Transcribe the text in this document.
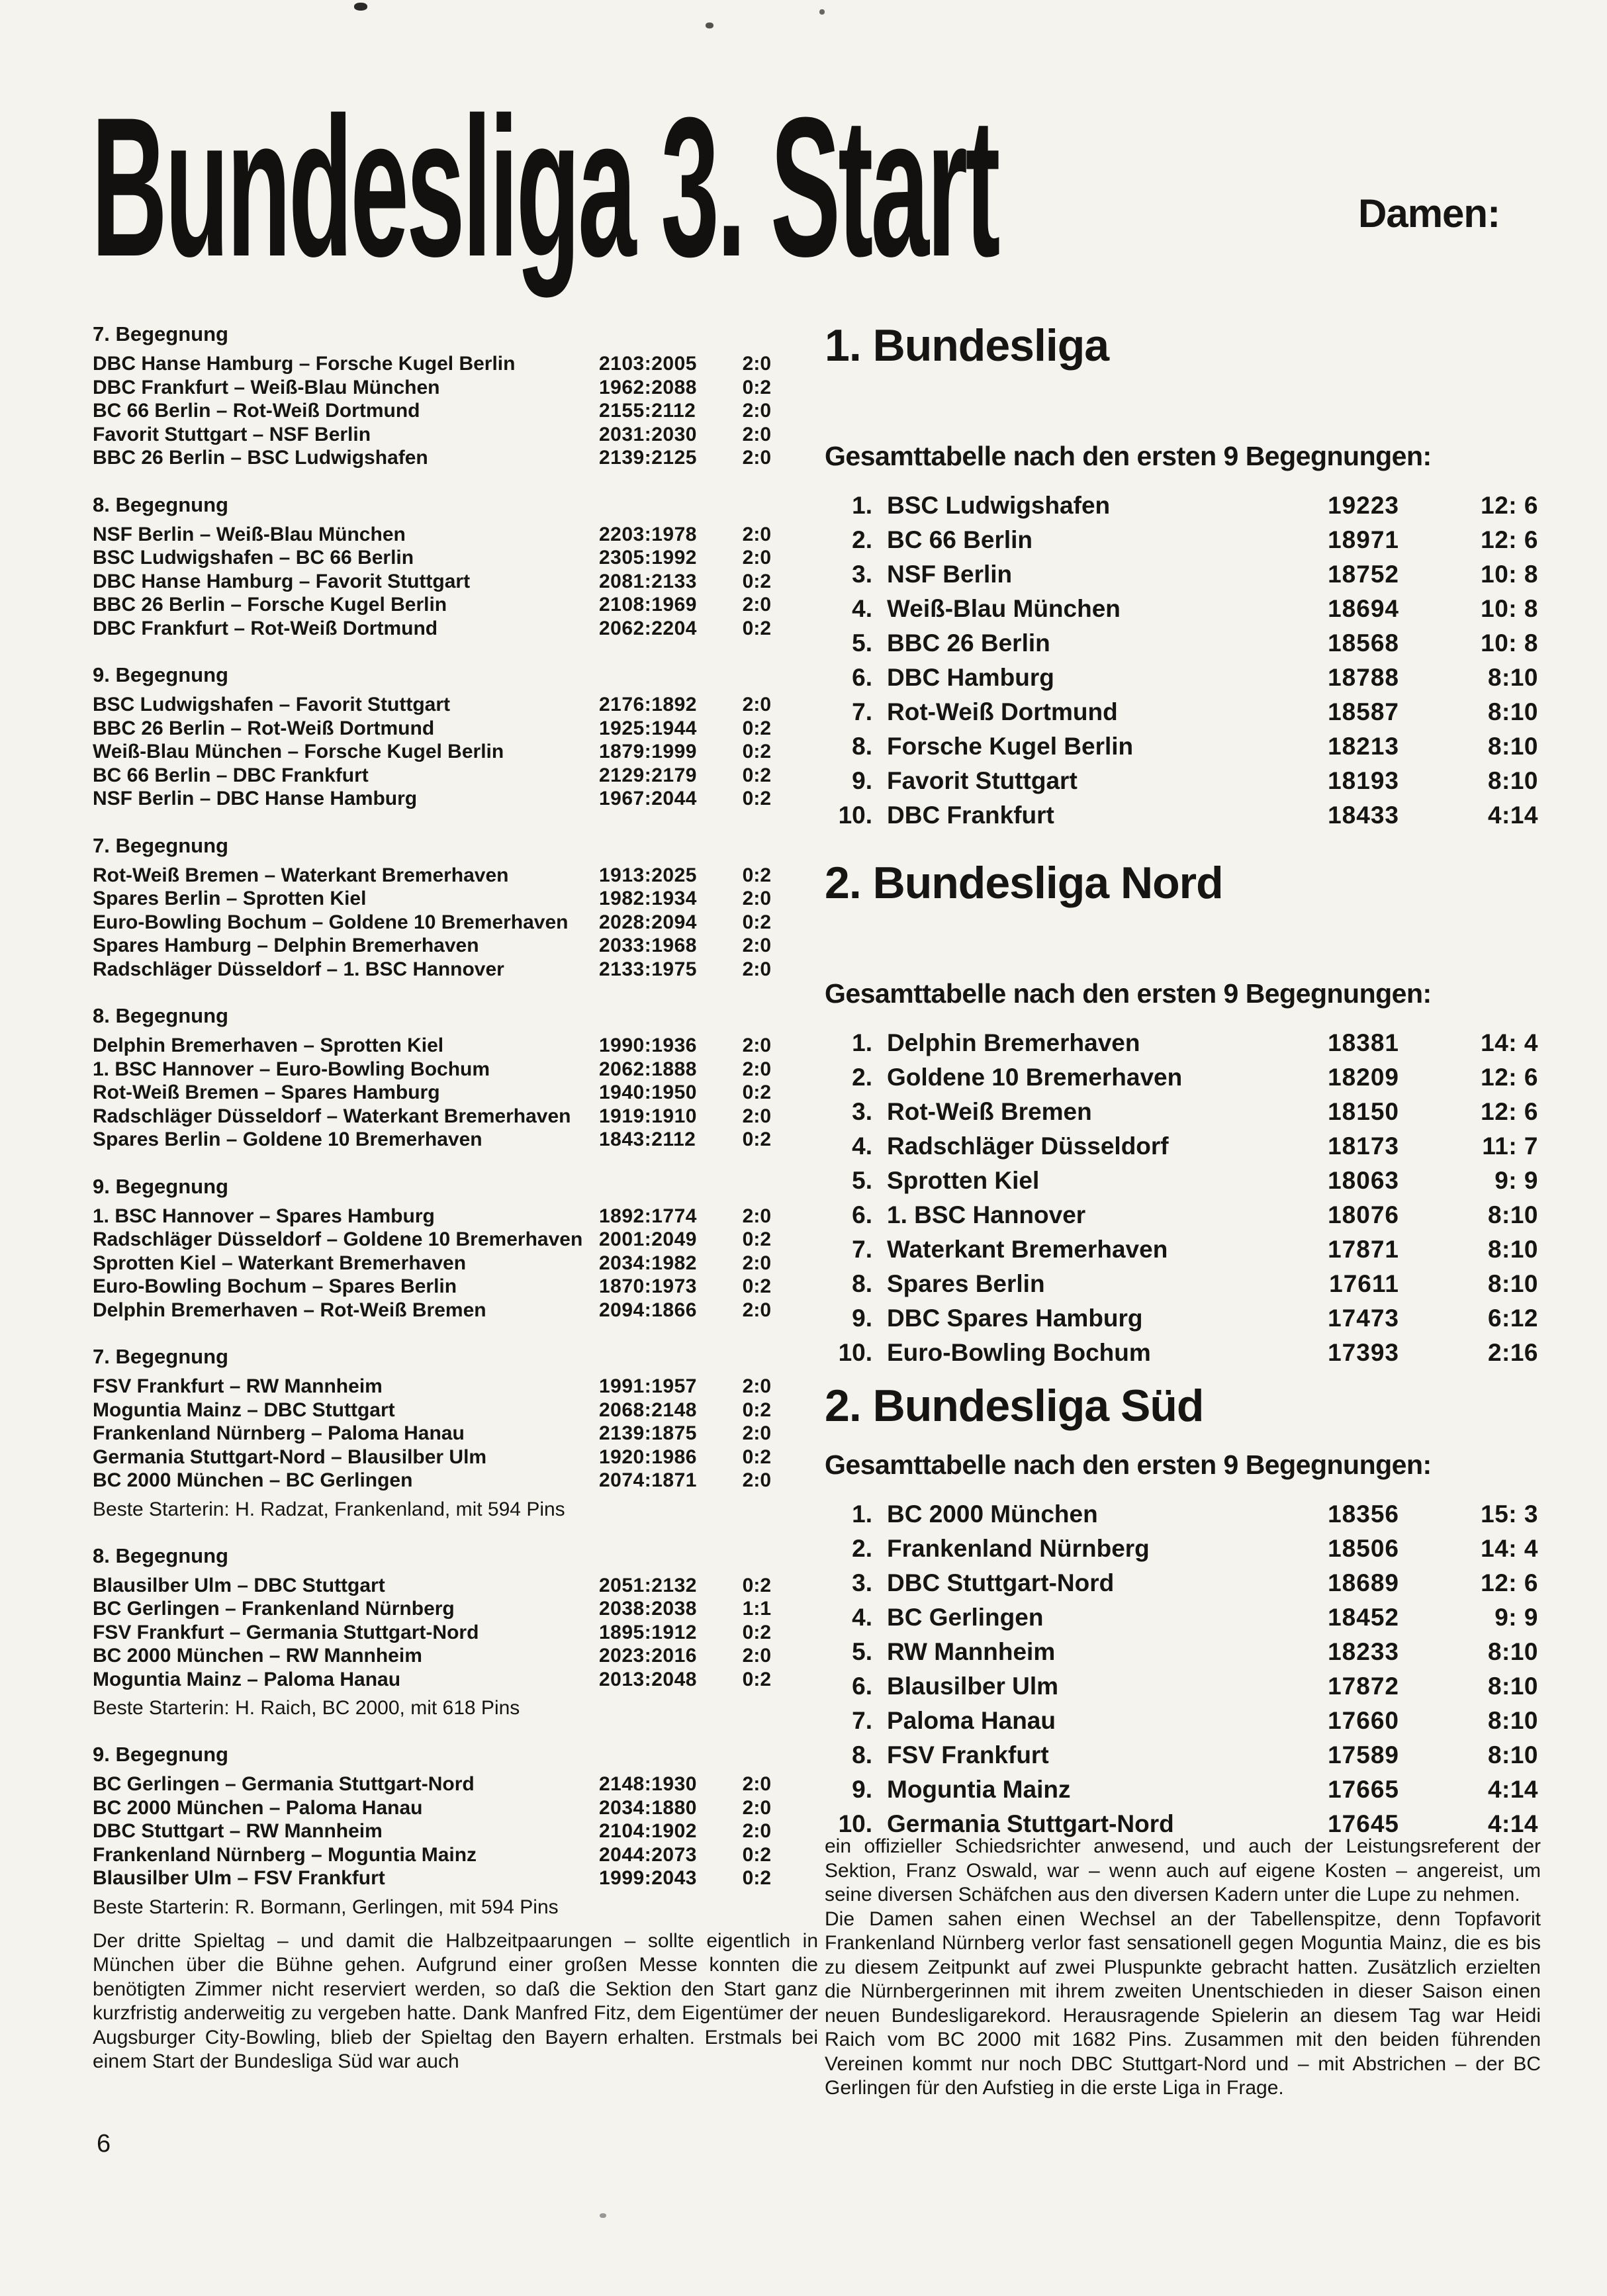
Bundesliga 3. Start	Damen:
7. Begegnung
DBC Hanse Hamburg – Forsche Kugel Berlin	2103:2005	2:0
DBC Frankfurt – Weiß-Blau München	1962:2088	0:2
BC 66 Berlin – Rot-Weiß Dortmund	2155:2112	2:0
Favorit Stuttgart – NSF Berlin	2031:2030	2:0
BBC 26 Berlin – BSC Ludwigshafen	2139:2125	2:0
8. Begegnung
NSF Berlin – Weiß-Blau München	2203:1978	2:0
BSC Ludwigshafen – BC 66 Berlin	2305:1992	2:0
DBC Hanse Hamburg – Favorit Stuttgart	2081:2133	0:2
BBC 26 Berlin – Forsche Kugel Berlin	2108:1969	2:0
DBC Frankfurt – Rot-Weiß Dortmund	2062:2204	0:2
9. Begegnung
BSC Ludwigshafen – Favorit Stuttgart	2176:1892	2:0
BBC 26 Berlin – Rot-Weiß Dortmund	1925:1944	0:2
Weiß-Blau München – Forsche Kugel Berlin	1879:1999	0:2
BC 66 Berlin – DBC Frankfurt	2129:2179	0:2
NSF Berlin – DBC Hanse Hamburg	1967:2044	0:2
7. Begegnung
Rot-Weiß Bremen – Waterkant Bremerhaven	1913:2025	0:2
Spares Berlin – Sprotten Kiel	1982:1934	2:0
Euro-Bowling Bochum – Goldene 10 Bremerhaven	2028:2094	0:2
Spares Hamburg – Delphin Bremerhaven	2033:1968	2:0
Radschläger Düsseldorf – 1. BSC Hannover	2133:1975	2:0
8. Begegnung
Delphin Bremerhaven – Sprotten Kiel	1990:1936	2:0
1. BSC Hannover – Euro-Bowling Bochum	2062:1888	2:0
Rot-Weiß Bremen – Spares Hamburg	1940:1950	0:2
Radschläger Düsseldorf – Waterkant Bremerhaven	1919:1910	2:0
Spares Berlin – Goldene 10 Bremerhaven	1843:2112	0:2
9. Begegnung
1. BSC Hannover – Spares Hamburg	1892:1774	2:0
Radschläger Düsseldorf – Goldene 10 Bremerhaven 2001:2049	0:2
Sprotten Kiel – Waterkant Bremerhaven	2034:1982	2:0
Euro-Bowling Bochum – Spares Berlin	1870:1973	0:2
Delphin Bremerhaven – Rot-Weiß Bremen	2094:1866	2:0
7. Begegnung
FSV Frankfurt – RW Mannheim	1991:1957	2:0
Moguntia Mainz – DBC Stuttgart	2068:2148	0:2
Frankenland Nürnberg – Paloma Hanau	2139:1875	2:0
Germania Stuttgart-Nord – Blausilber Ulm	1920:1986	0:2
BC 2000 München – BC Gerlingen	2074:1871	2:0
Beste Starterin: H. Radzat, Frankenland, mit 594 Pins
8. Begegnung
Blausilber Ulm – DBC Stuttgart	2051:2132	0:2
BC Gerlingen – Frankenland Nürnberg	2038:2038	1:1
FSV Frankfurt – Germania Stuttgart-Nord	1895:1912	0:2
BC 2000 München – RW Mannheim	2023:2016	2:0
Moguntia Mainz – Paloma Hanau	2013:2048	0:2
Beste Starterin: H. Raich, BC 2000, mit 618 Pins
9. Begegnung
BC Gerlingen – Germania Stuttgart-Nord	2148:1930	2:0
BC 2000 München – Paloma Hanau	2034:1880	2:0
DBC Stuttgart – RW Mannheim	2104:1902	2:0
Frankenland Nürnberg – Moguntia Mainz	2044:2073	0:2
Blausilber Ulm – FSV Frankfurt	1999:2043	0:2
Beste Starterin: R. Bormann, Gerlingen, mit 594 Pins
Der dritte Spieltag – und damit die Halbzeitpaarungen – sollte eigentlich in München über die Bühne gehen. Aufgrund einer großen Messe konnten die benötigten Zimmer nicht reserviert werden, so daß die Sektion den Start ganz kurzfristig anderweitig zu vergeben hatte. Dank Manfred Fitz, dem Eigentümer der Augsburger City-Bowling, blieb der Spieltag den Bayern erhalten. Erstmals bei einem Start der Bundesliga Süd war auch
1. Bundesliga
Gesamttabelle nach den ersten 9 Begegnungen:
1. BSC Ludwigshafen	19223	12: 6
2. BC 66 Berlin	18971	12: 6
3. NSF Berlin	18752	10: 8
4. Weiß-Blau München	18694	10: 8
5. BBC 26 Berlin	18568	10: 8
6. DBC Hamburg	18788	8:10
7. Rot-Weiß Dortmund	18587	8:10
8. Forsche Kugel Berlin	18213	8:10
9. Favorit Stuttgart	18193	8:10
10. DBC Frankfurt	18433	4:14
2. Bundesliga Nord
Gesamttabelle nach den ersten 9 Begegnungen:
1. Delphin Bremerhaven	18381	14: 4
2. Goldene 10 Bremerhaven	18209	12: 6
3. Rot-Weiß Bremen	18150	12: 6
4. Radschläger Düsseldorf	18173	11: 7
5. Sprotten Kiel	18063	9: 9
6. 1. BSC Hannover	18076	8:10
7. Waterkant Bremerhaven	17871	8:10
8. Spares Berlin	17611	8:10
9. DBC Spares Hamburg	17473	6:12
10. Euro-Bowling Bochum	17393	2:16
2. Bundesliga Süd
Gesamttabelle nach den ersten 9 Begegnungen:
1. BC 2000 München	18356	15: 3
2. Frankenland Nürnberg	18506	14: 4
3. DBC Stuttgart-Nord	18689	12: 6
4. BC Gerlingen	18452	9: 9
5. RW Mannheim	18233	8:10
6. Blausilber Ulm	17872	8:10
7. Paloma Hanau	17660	8:10
8. FSV Frankfurt	17589	8:10
9. Moguntia Mainz	17665	4:14
10. Germania Stuttgart-Nord	17645	4:14

ein offizieller Schiedsrichter anwesend, und auch der Leistungsreferent der Sektion, Franz Oswald, war – wenn auch auf eigene Kosten – angereist, um seine diversen Schäfchen aus den diversen Kadern unter die Lupe zu nehmen.

Die Damen sahen einen Wechsel an der Tabellenspitze, denn Topfavorit Frankenland Nürnberg verlor fast sensationell gegen Moguntia Mainz, die es bis zu diesem Zeitpunkt auf zwei Pluspunkte gebracht hatten. Zusätzlich erzielten die Nürnbergerinnen mit ihrem zweiten Unentschieden in dieser Saison einen neuen Bundesligarekord. Herausragende Spielerin an diesem Tag war Heidi Raich vom BC 2000 mit 1682 Pins. Zusammen mit den beiden führenden Vereinen kommt nur noch DBC Stuttgart-Nord und – mit Abstrichen – der BC Gerlingen für den Aufstieg in die erste Liga in Frage.

6
